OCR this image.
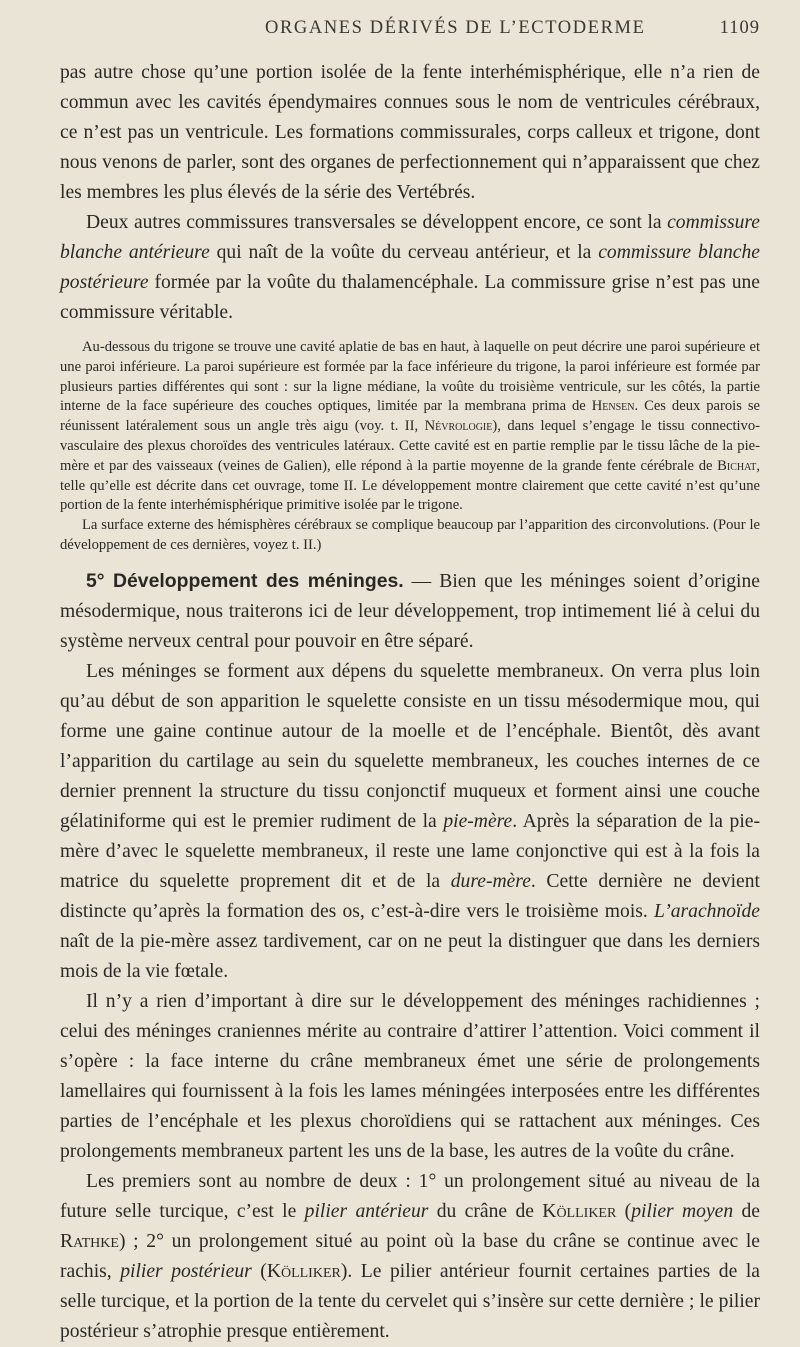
ORGANES DÉRIVÉS DE L’ECTODERME	1109

pas autre chose qu’une portion isolée de la fente interhémisphérique, elle n’a rien de commun avec les cavités épendymaires connues sous le nom de ventricules cérébraux, ce n’est pas un ventricule. Les formations commissurales, corps calleux et trigone, dont nous venons de parler, sont des organes de perfectionnement qui n’apparaissent que chez les membres les plus élevés de la série des Vertébrés.

Deux autres commissures transversales se développent encore, ce sont la commissure blanche antérieure qui naît de la voûte du cerveau antérieur, et la commissure blanche postérieure formée par la voûte du thalamencéphale. La commissure grise n’est pas une commissure véritable.

Au-dessous du trigone se trouve une cavité aplatie de bas en haut, à laquelle on peut décrire une paroi supérieure et une paroi inférieure. La paroi supérieure est formée par la face inférieure du trigone, la paroi inférieure est formée par plusieurs parties différentes qui sont : sur la ligne médiane, la voûte du troisième ventricule, sur les côtés, la partie interne de la face supérieure des couches optiques, limitée par la membrana prima de Hensen. Ces deux parois se réunissent latéralement sous un angle très aigu (voy. t. II, Névrologie), dans lequel s’engage le tissu connectivo-vasculaire des plexus choroïdes des ventricules latéraux. Cette cavité est en partie remplie par le tissu lâche de la pie-mère et par des vaisseaux (veines de Galien), elle répond à la partie moyenne de la grande fente cérébrale de Bichat, telle qu’elle est décrite dans cet ouvrage, tome II. Le développement montre clairement que cette cavité n’est qu’une portion de la fente interhémisphérique primitive isolée par le trigone.

La surface externe des hémisphères cérébraux se complique beaucoup par l’apparition des circonvolutions. (Pour le développement de ces dernières, voyez t. II.)

5° Développement des méninges. — Bien que les méninges soient d’origine mésodermique, nous traiterons ici de leur développement, trop intimement lié à celui du système nerveux central pour pouvoir en être séparé.

Les méninges se forment aux dépens du squelette membraneux. On verra plus loin qu’au début de son apparition le squelette consiste en un tissu mésodermique mou, qui forme une gaine continue autour de la moelle et de l’encéphale. Bientôt, dès avant l’apparition du cartilage au sein du squelette membraneux, les couches internes de ce dernier prennent la structure du tissu conjonctif muqueux et forment ainsi une couche gélatiniforme qui est le premier rudiment de la pie-mère. Après la séparation de la pie-mère d’avec le squelette membraneux, il reste une lame conjonctive qui est à la fois la matrice du squelette proprement dit et de la dure-mère. Cette dernière ne devient distincte qu’après la formation des os, c’est-à-dire vers le troisième mois. L’arachnoïde naît de la pie-mère assez tardivement, car on ne peut la distinguer que dans les derniers mois de la vie fœtale.

Il n’y a rien d’important à dire sur le développement des méninges rachidiennes ; celui des méninges craniennes mérite au contraire d’attirer l’attention. Voici comment il s’opère : la face interne du crâne membraneux émet une série de prolongements lamellaires qui fournissent à la fois les lames méningées interposées entre les différentes parties de l’encéphale et les plexus choroïdiens qui se rattachent aux méninges. Ces prolongements membraneux partent les uns de la base, les autres de la voûte du crâne.

Les premiers sont au nombre de deux : 1° un prolongement situé au niveau de la future selle turcique, c’est le pilier antérieur du crâne de Kölliker (pilier moyen de Rathke) ; 2° un prolongement situé au point où la base du crâne se continue avec le rachis, pilier postérieur (Kölliker). Le pilier antérieur fournit certaines parties de la selle turcique, et la portion de la tente du cervelet qui s’insère sur cette dernière ; le pilier postérieur s’atrophie presque entièrement.
